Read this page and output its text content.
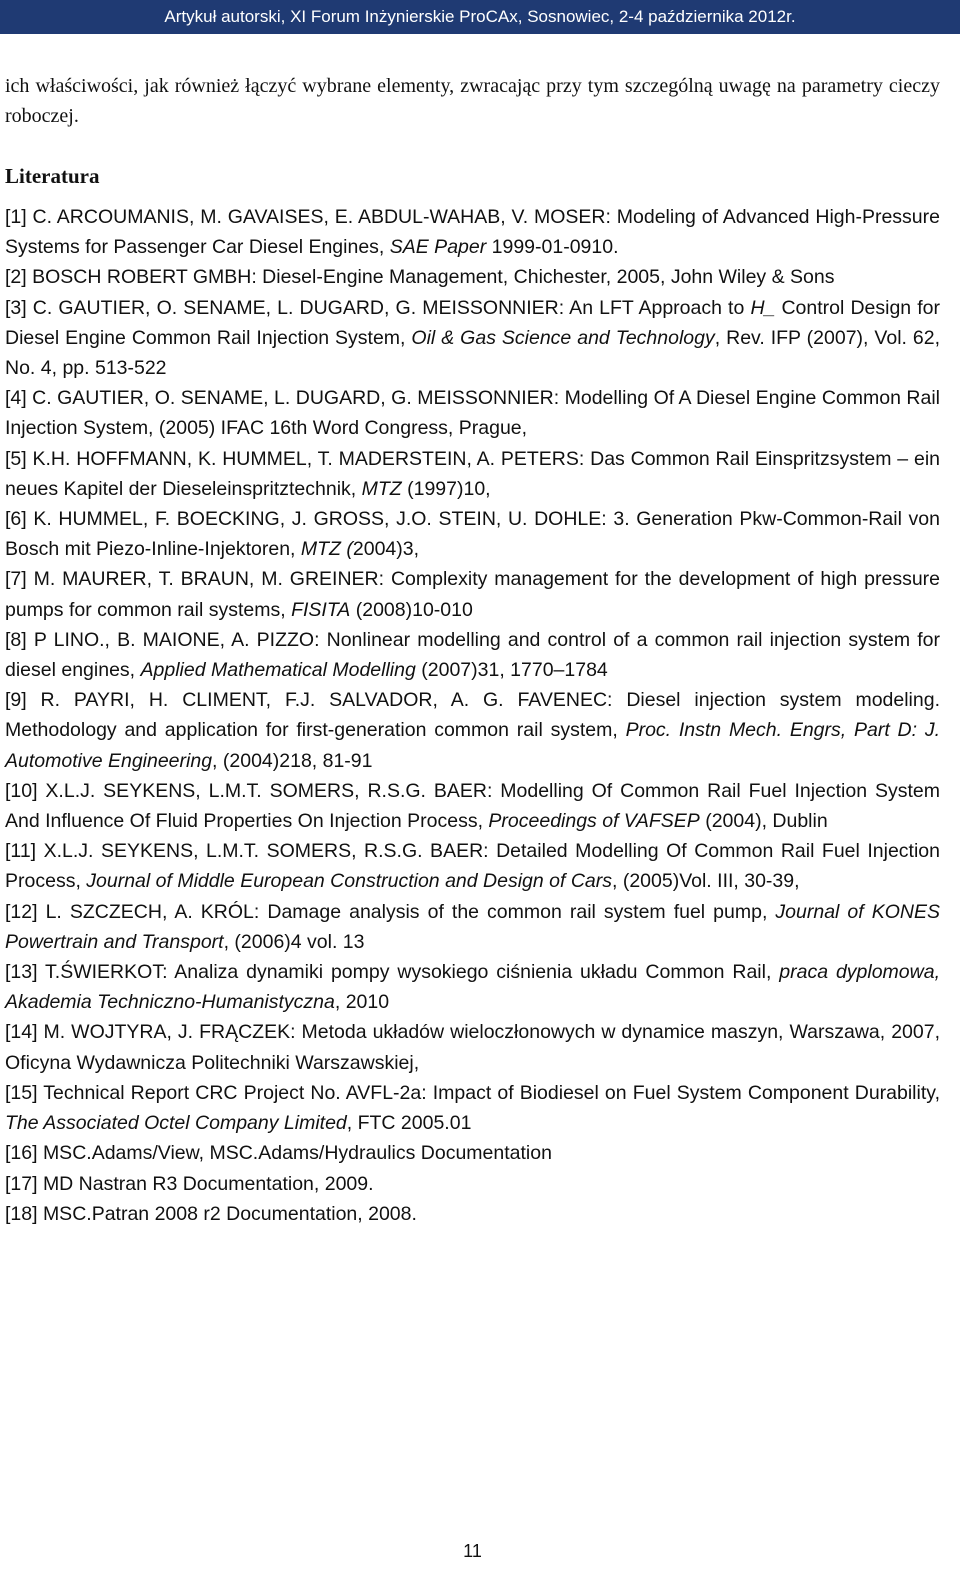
Artykuł autorski, XI Forum Inżynierskie ProCAx, Sosnowiec, 2-4 października 2012r.

ich właściwości, jak również łączyć wybrane elementy, zwracając przy tym szczególną uwagę na parametry cieczy roboczej.

Literatura

[1] C. ARCOUMANIS, M. GAVAISES, E. ABDUL-WAHAB, V. MOSER: Modeling of Advanced High-Pressure Systems for Passenger Car Diesel Engines, SAE Paper 1999-01-0910.

[2] BOSCH ROBERT GMBH: Diesel-Engine Management, Chichester, 2005, John Wiley & Sons

[3] C. GAUTIER, O. SENAME, L. DUGARD, G. MEISSONNIER: An LFT Approach to H_ Control Design for Diesel Engine Common Rail Injection System, Oil & Gas Science and Technology, Rev. IFP (2007), Vol. 62, No. 4, pp. 513-522

[4] C. GAUTIER, O. SENAME, L. DUGARD, G. MEISSONNIER: Modelling Of A Diesel Engine Common Rail Injection System, (2005) IFAC 16th Word Congress, Prague,

[5] K.H. HOFFMANN, K. HUMMEL, T. MADERSTEIN, A. PETERS: Das Common Rail Einspritzsystem – ein neues Kapitel der Dieseleinspritztechnik, MTZ (1997)10,

[6] K. HUMMEL, F. BOECKING, J. GROSS, J.O. STEIN, U. DOHLE: 3. Generation Pkw-Common-Rail von Bosch mit Piezo-Inline-Injektoren, MTZ (2004)3,

[7] M. MAURER, T. BRAUN, M. GREINER: Complexity management for the development of high pressure pumps for common rail systems, FISITA (2008)10-010

[8] P LINO., B. MAIONE, A. PIZZO: Nonlinear modelling and control of a common rail injection system for diesel engines, Applied Mathematical Modelling (2007)31, 1770–1784

[9] R. PAYRI, H. CLIMENT, F.J. SALVADOR, A. G. FAVENEC: Diesel injection system modeling. Methodology and application for first-generation common rail system, Proc. Instn Mech. Engrs, Part D: J. Automotive Engineering, (2004)218, 81-91

[10] X.L.J. SEYKENS, L.M.T. SOMERS, R.S.G. BAER: Modelling Of Common Rail Fuel Injection System And Influence Of Fluid Properties On Injection Process, Proceedings of VAFSEP (2004), Dublin

[11] X.L.J. SEYKENS, L.M.T. SOMERS, R.S.G. BAER: Detailed Modelling Of Common Rail Fuel Injection Process, Journal of Middle European Construction and Design of Cars, (2005)Vol. III, 30-39,

[12] L. SZCZECH, A. KRÓL: Damage analysis of the common rail system fuel pump, Journal of KONES Powertrain and Transport, (2006)4 vol. 13

[13] T.ŚWIERKOT: Analiza dynamiki pompy wysokiego ciśnienia układu Common Rail, praca dyplomowa, Akademia Techniczno-Humanistyczna, 2010

[14] M. WOJTYRA, J. FRĄCZEK: Metoda układów wieloczłonowych w dynamice maszyn, Warszawa, 2007, Oficyna Wydawnicza Politechniki Warszawskiej,

[15] Technical Report CRC Project No. AVFL-2a: Impact of Biodiesel on Fuel System Component Durability, The Associated Octel Company Limited, FTC 2005.01

[16] MSC.Adams/View, MSC.Adams/Hydraulics Documentation

[17] MD Nastran R3 Documentation, 2009.

[18] MSC.Patran 2008 r2 Documentation, 2008.

11
